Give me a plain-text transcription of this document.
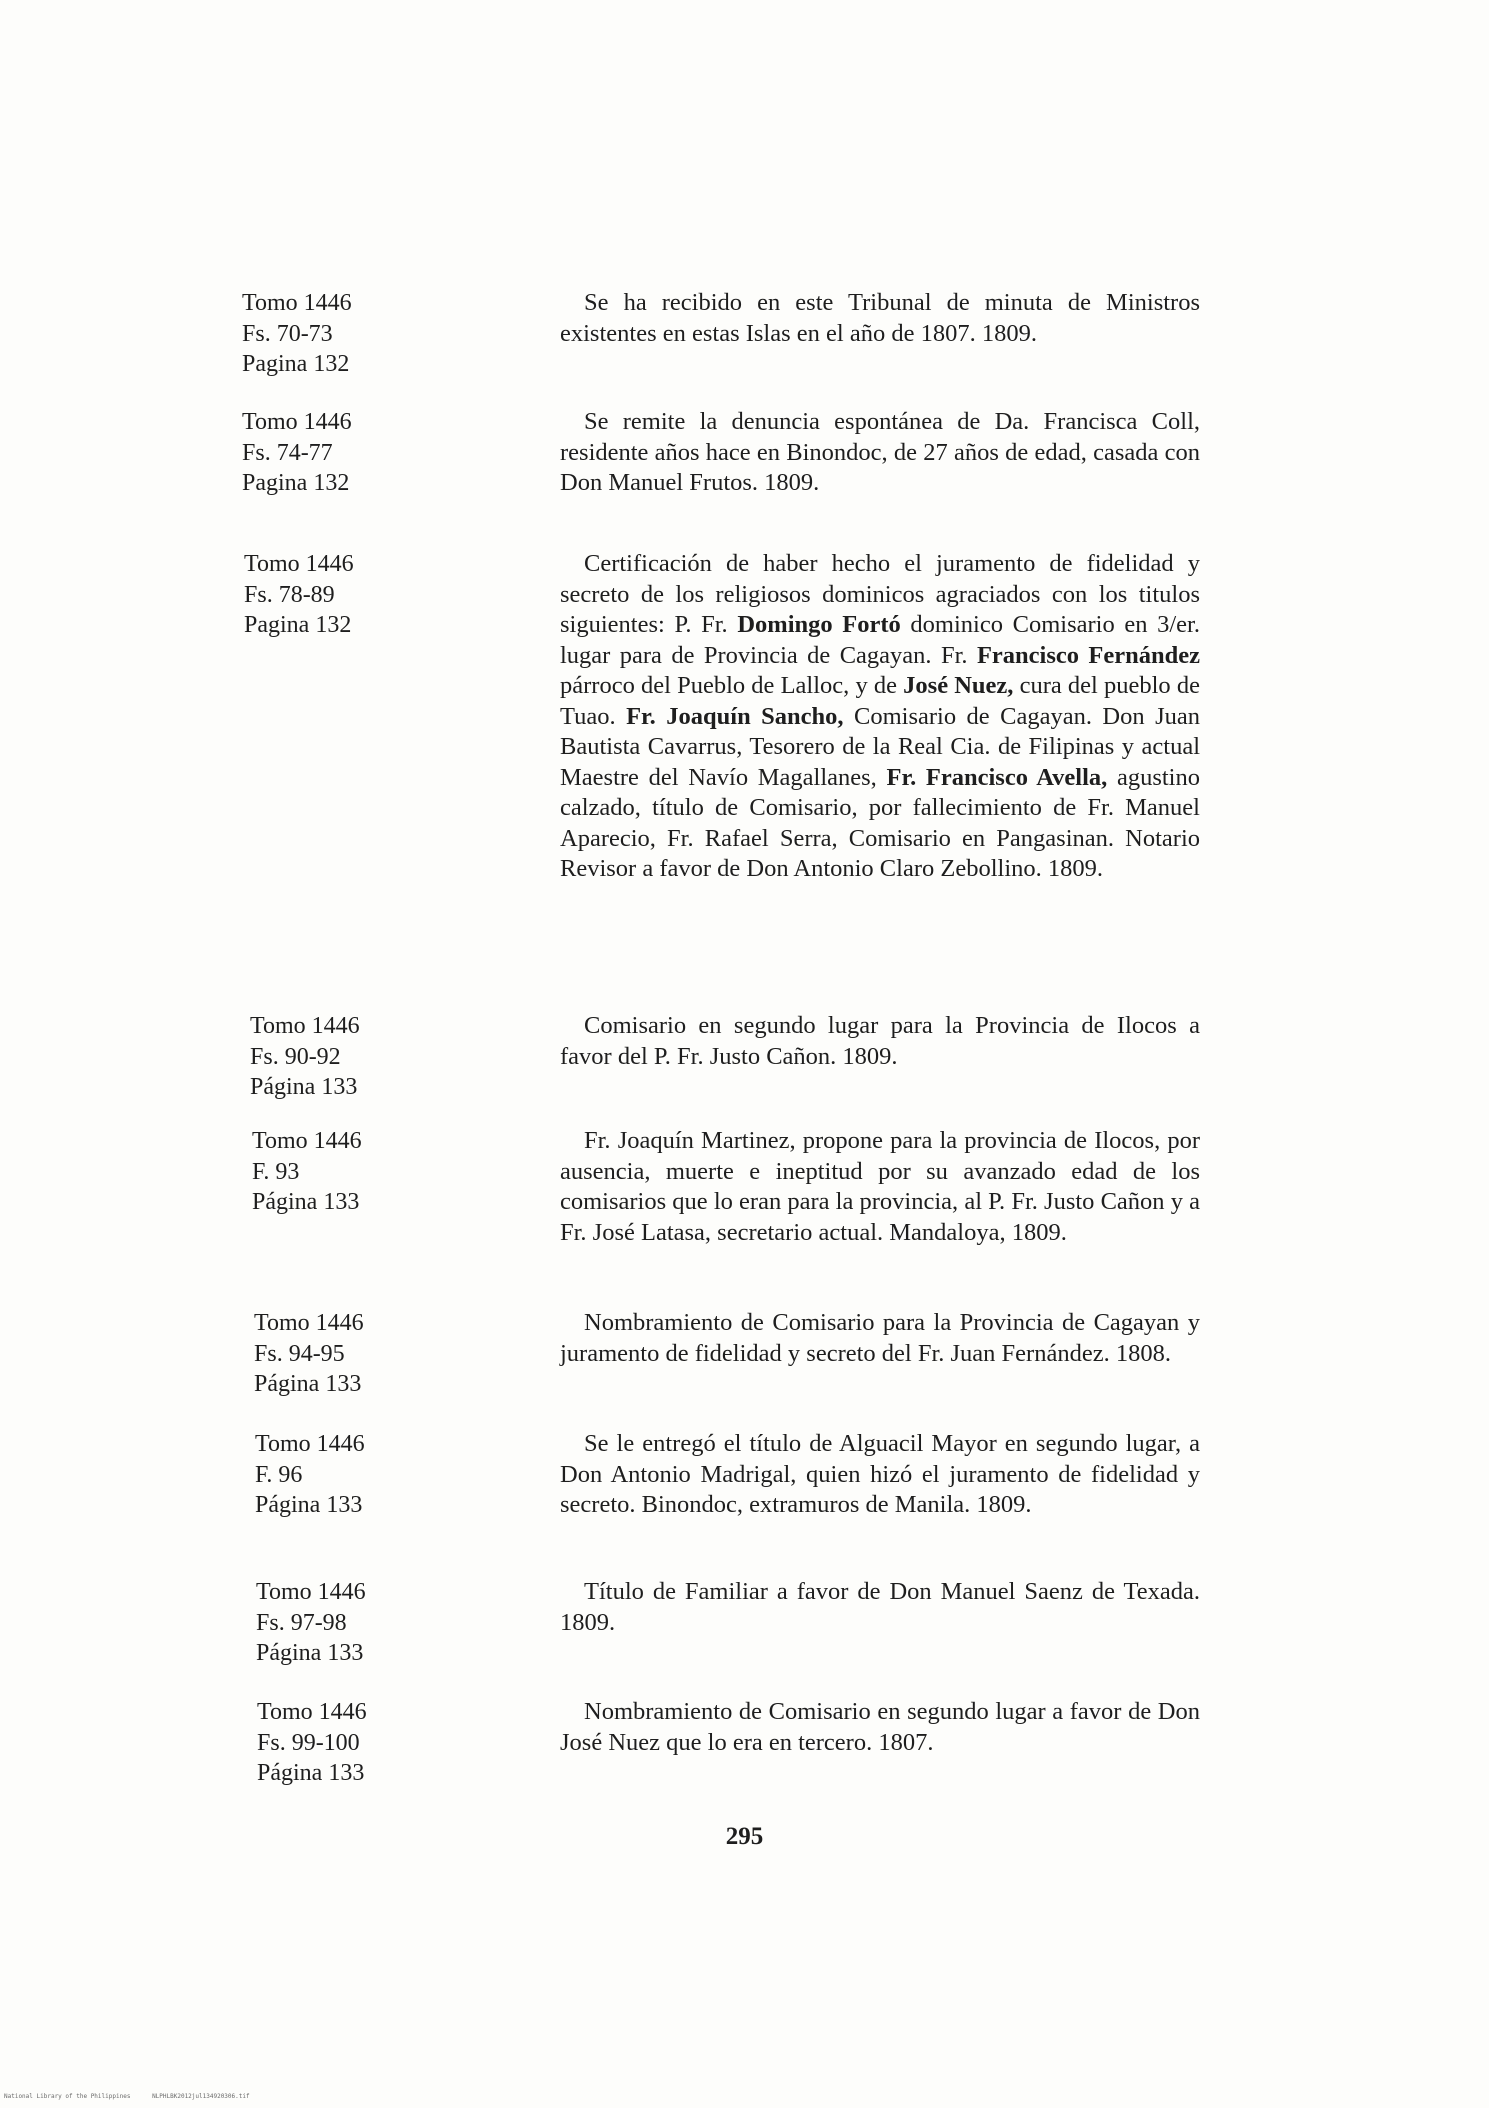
Tomo 1446
Fs. 70-73
Pagina 132
Se ha recibido en este Tribunal de minuta de Ministros existentes en estas Islas en el año de 1807. 1809.
Tomo 1446
Fs. 74-77
Pagina 132
Se remite la denuncia espontánea de Da. Francisca Coll, residente años hace en Binondoc, de 27 años de edad, casada con Don Manuel Frutos. 1809.
Tomo 1446
Fs. 78-89
Pagina 132
Certificación de haber hecho el juramento de fidelidad y secreto de los religiosos dominicos agraciados con los titulos siguientes: P. Fr. Domingo Fortó dominico Comisario en 3/er. lugar para de Provincia de Cagayan. Fr. Francisco Fernández párroco del Pueblo de Lalloc, y de José Nuez, cura del pueblo de Tuao. Fr. Joaquín Sancho, Comisario de Cagayan. Don Juan Bautista Cavarrus, Tesorero de la Real Cia. de Filipinas y actual Maestre del Navío Magallanes, Fr. Francisco Avella, agustino calzado, título de Comisario, por fallecimiento de Fr. Manuel Aparecio, Fr. Rafael Serra, Comisario en Pangasinan. Notario Revisor a favor de Don Antonio Claro Zebollino. 1809.
Tomo 1446
Fs. 90-92
Página 133
Comisario en segundo lugar para la Provincia de Ilocos a favor del P. Fr. Justo Cañon. 1809.
Tomo 1446
F. 93
Página 133
Fr. Joaquín Martinez, propone para la provincia de Ilocos, por ausencia, muerte e ineptitud por su avanzado edad de los comisarios que lo eran para la provincia, al P. Fr. Justo Cañon y a Fr. José Latasa, secretario actual. Mandaloya, 1809.
Tomo 1446
Fs. 94-95
Página 133
Nombramiento de Comisario para la Provincia de Cagayan y juramento de fidelidad y secreto del Fr. Juan Fernández. 1808.
Tomo 1446
F. 96
Página 133
Se le entregó el título de Alguacil Mayor en segundo lugar, a Don Antonio Madrigal, quien hizó el juramento de fidelidad y secreto. Binondoc, extramuros de Manila. 1809.
Tomo 1446
Fs. 97-98
Página 133
Título de Familiar a favor de Don Manuel Saenz de Texada. 1809.
Tomo 1446
Fs. 99-100
Página 133
Nombramiento de Comisario en segundo lugar a favor de Don José Nuez que lo era en tercero. 1807.
295
National Library of the Philippines	NLPHLBK2012jul134920306.tif
